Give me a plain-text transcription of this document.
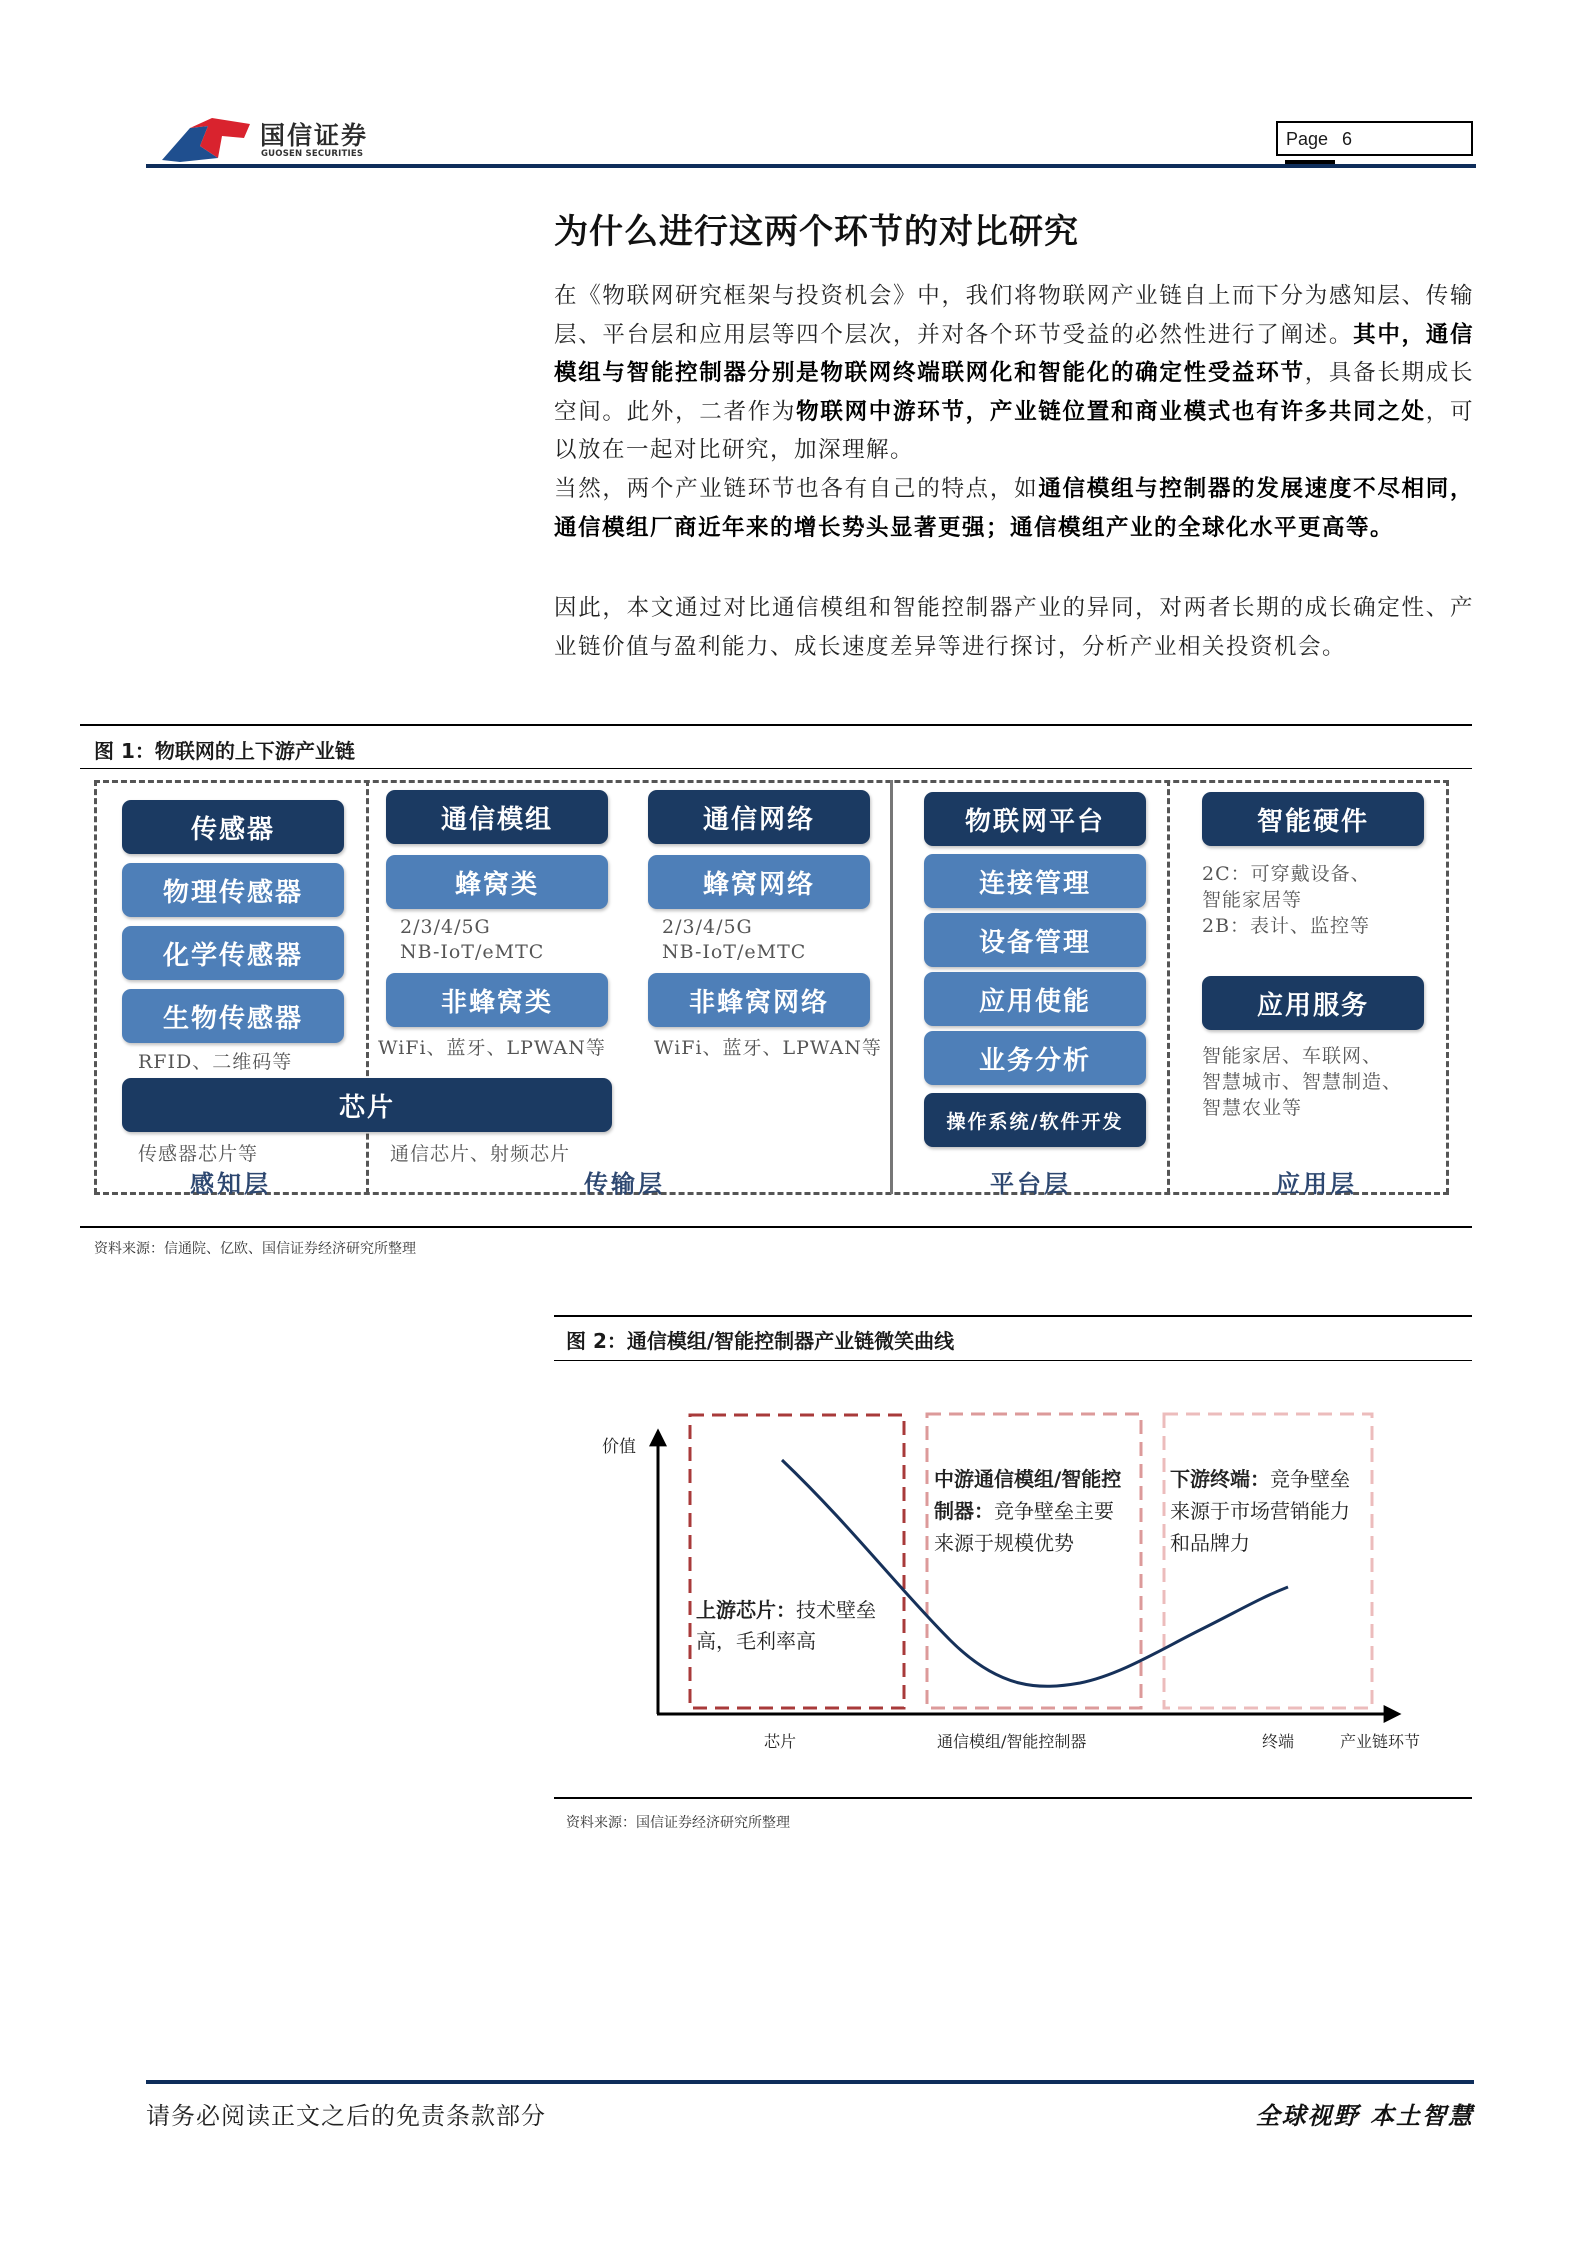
国信证券
GUOSEN SECURITIES
Page 6
为什么进行这两个环节的对比研究
在《物联网研究框架与投资机会》中，我们将物联网产业链自上而下分为感知层、传输层、平台层和应用层等四个层次，并对各个环节受益的必然性进行了阐述。其中，通信模组与智能控制器分别是物联网终端联网化和智能化的确定性受益环节，具备长期成长空间。此外，二者作为物联网中游环节，产业链位置和商业模式也有许多共同之处，可以放在一起对比研究，加深理解。
当然，两个产业链环节也各有自己的特点，如通信模组与控制器的发展速度不尽相同，通信模组厂商近年来的增长势头显著更强；通信模组产业的全球化水平更高等。
因此，本文通过对比通信模组和智能控制器产业的异同，对两者长期的成长确定性、产业链价值与盈利能力、成长速度差异等进行探讨，分析产业相关投资机会。
图 1：物联网的上下游产业链
传感器
物理传感器
化学传感器
生物传感器
RFID、二维码等
芯片
传感器芯片等	通信芯片、射频芯片
通信模组
蜂窝类
2/3/4/5G
NB-IoT/eMTC
非蜂窝类
WiFi、蓝牙、LPWAN等
通信网络
蜂窝网络
2/3/4/5G
NB-IoT/eMTC
非蜂窝网络
WiFi、蓝牙、LPWAN等
物联网平台
连接管理
设备管理
应用使能
业务分析
操作系统/软件开发
智能硬件
2C：可穿戴设备、
智能家居等
2B：表计、监控等
应用服务
智能家居、车联网、
智慧城市、智慧制造、
智慧农业等
感知层	传输层	平台层	应用层
资料来源：信通院、亿欧、国信证券经济研究所整理
图 2：通信模组/智能控制器产业链微笑曲线
价值
芯片	通信模组/智能控制器	终端	产业链环节
上游芯片：技术壁垒 高，毛利率高
中游通信模组/智能控 制器：竞争壁垒主要 来源于规模优势
下游终端：竞争壁垒 来源于市场营销能力 和品牌力
资料来源：国信证券经济研究所整理
请务必阅读正文之后的免责条款部分	全球视野 本土智慧
